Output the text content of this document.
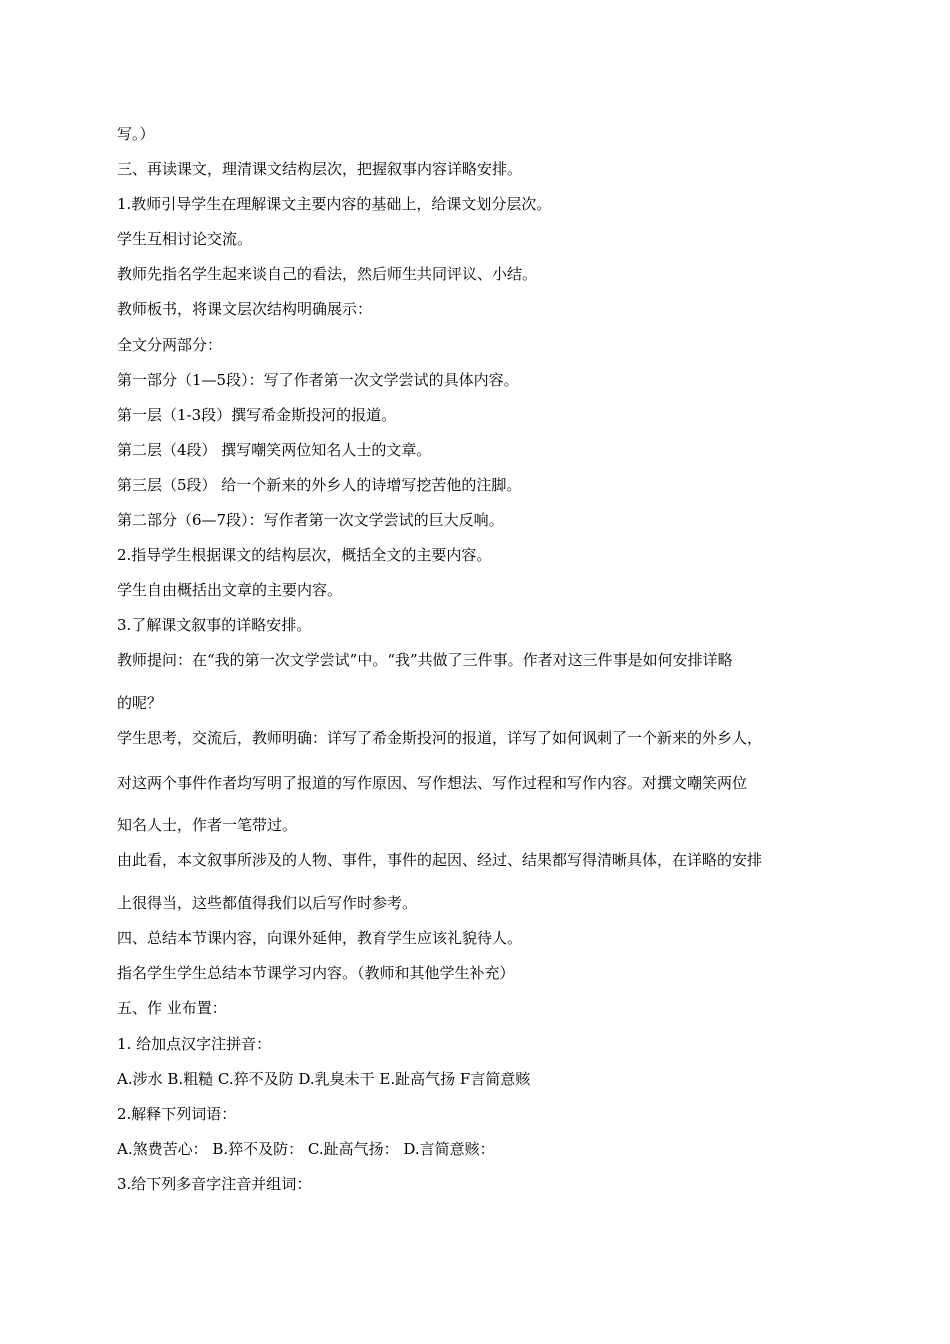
写。）
三、再读课文，理清课文结构层次，把握叙事内容详略安排。
1.教师引导学生在理解课文主要内容的基础上，给课文划分层次。
学生互相讨论交流。
教师先指名学生起来谈自己的看法，然后师生共同评议、小结。
教师板书，将课文层次结构明确展示：
全文分两部分：
第一部分（1—5段）：写了作者第一次文学尝试的具体内容。
第一层（1-3段）撰写希金斯投河的报道。
第二层（4段） 撰写嘲笑两位知名人士的文章。
第三层（5段） 给一个新来的外乡人的诗增写挖苦他的注脚。
第二部分（6—7段）：写作者第一次文学尝试的巨大反响。
2.指导学生根据课文的结构层次，概括全文的主要内容。
学生自由概括出文章的主要内容。
3.了解课文叙事的详略安排。
教师提问：在“我的第一次文学尝试”中。“我”共做了三件事。作者对这三件事是如何安排详略
的呢？
学生思考，交流后，教师明确：详写了希金斯投河的报道，详写了如何讽刺了一个新来的外乡人，
对这两个事件作者均写明了报道的写作原因、写作想法、写作过程和写作内容。对撰文嘲笑两位
知名人士，作者一笔带过。
由此看，本文叙事所涉及的人物、事件，事件的起因、经过、结果都写得清晰具体，在详略的安排
上很得当，这些都值得我们以后写作时参考。
四、总结本节课内容，向课外延伸，教育学生应该礼貌待人。
指名学生学生总结本节课学习内容。（教师和其他学生补充）
五、作 业布置：
1. 给加点汉字注拼音：
A.涉水 B.粗糙 C.猝不及防 D.乳臭未干 E.趾高气扬 F言简意赅
2.解释下列词语：
A.煞费苦心： B.猝不及防： C.趾高气扬： D.言简意赅：
3.给下列多音字注音并组词：
